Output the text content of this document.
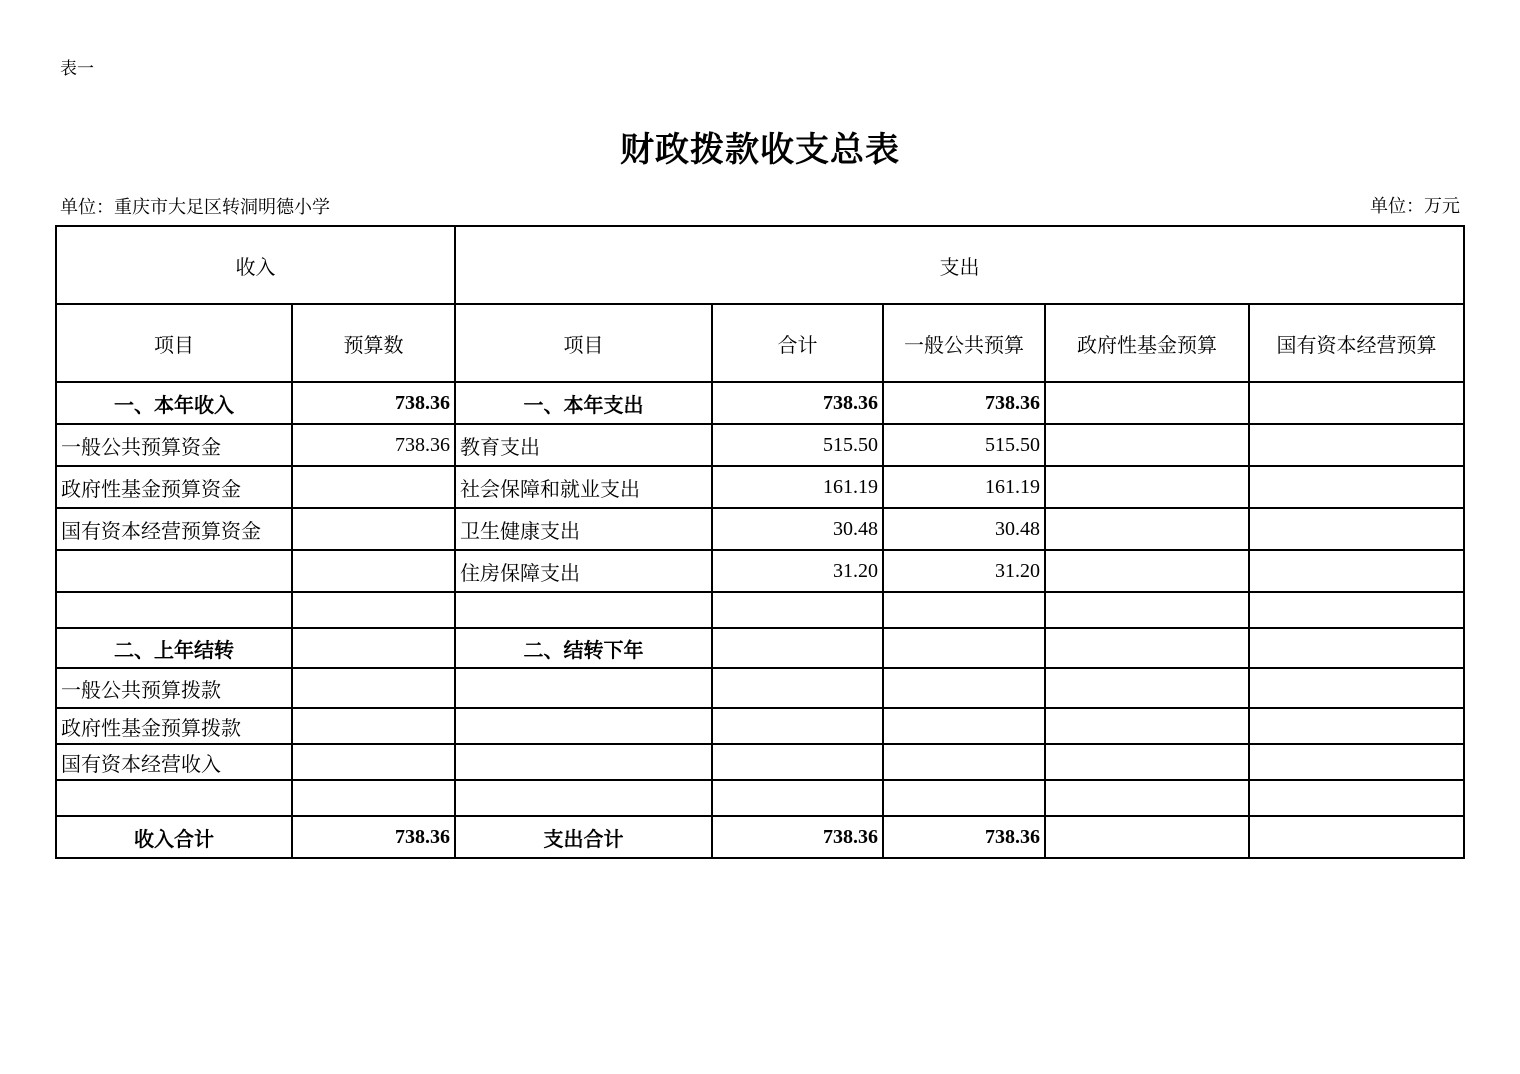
表一
财政拨款收支总表
单位：重庆市大足区转洞明德小学	单位：万元
收入		支出				
项目	预算数	项目	合计	一般公共预算	政府性基金预算	国有资本经营预算
一、本年收入	738.36	一、本年支出	738.36	738.36		
一般公共预算资金	738.36	教育支出	515.50	515.50		
政府性基金预算资金		社会保障和就业支出	161.19	161.19		
国有资本经营预算资金		卫生健康支出	30.48	30.48		
		住房保障支出	31.20	31.20		

二、上年结转		二、结转下年				
一般公共预算拨款						
政府性基金预算拨款						
国有资本经营收入						

收入合计	738.36	支出合计	738.36	738.36		
